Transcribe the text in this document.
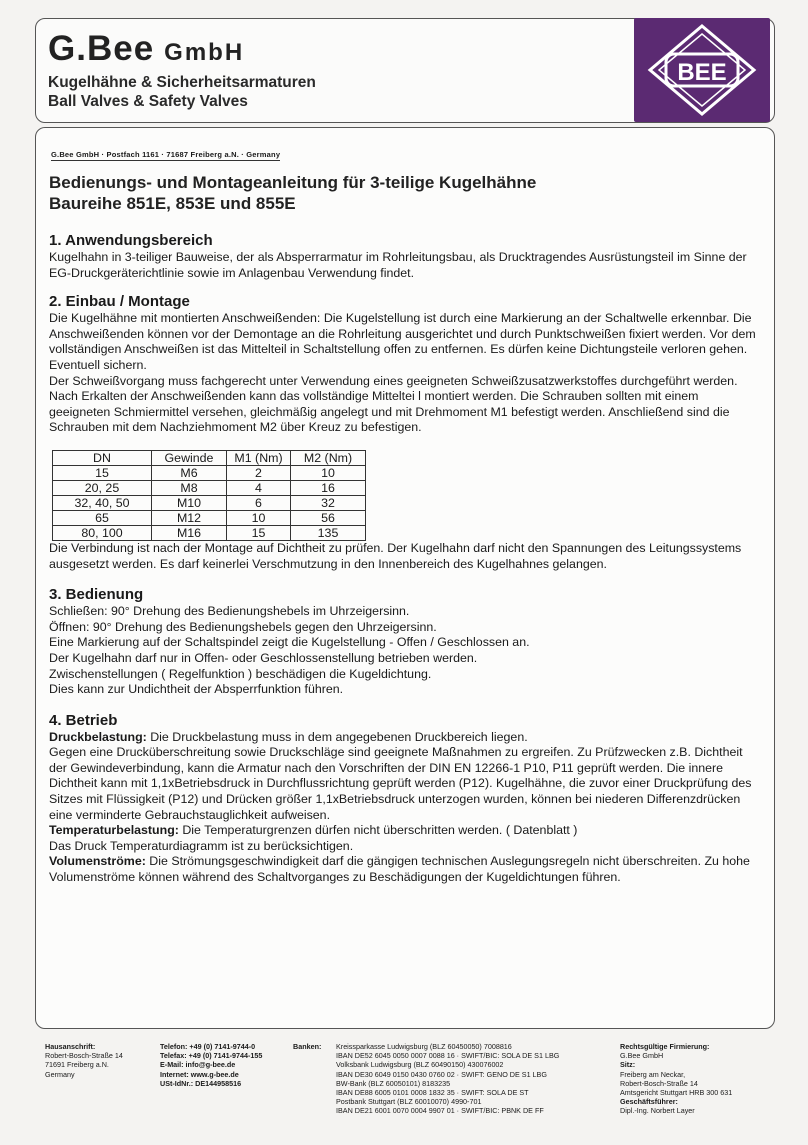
G.Bee GmbH
Kugelhähne & Sicherheitsarmaturen
Ball Valves & Safety Valves
BEE
G.Bee GmbH · Postfach 1161 · 71687 Freiberg a.N. · Germany
Bedienungs- und Montageanleitung für 3-teilige Kugelhähne
Baureihe 851E, 853E und 855E
1. Anwendungsbereich

Kugelhahn in 3-teiliger Bauweise, der als Absperrarmatur im Rohrleitungsbau, als Drucktragendes Ausrüstungsteil im Sinne der EG-Druckgeräterichtlinie sowie im Anlagenbau Verwendung findet.

2. Einbau / Montage

Die Kugelhähne mit montierten Anschweißenden: Die Kugelstellung ist durch eine Markierung an der Schaltwelle erkennbar. Die Anschweißenden können vor der Demontage an die Rohrleitung ausgerichtet und durch Punktschweißen fixiert werden. Vor dem vollständigen Anschweißen ist das Mittelteil in Schaltstellung offen zu entfernen. Es dürfen keine Dichtungsteile verloren gehen. Eventuell sichern.

Der Schweißvorgang muss fachgerecht unter Verwendung eines geeigneten Schweißzusatzwerkstoffes durchgeführt werden. Nach Erkalten der Anschweißenden kann das vollständige Mitteltei l montiert werden. Die Schrauben sollten mit einem geeigneten Schmiermittel versehen, gleichmäßig angelegt und mit Drehmoment M1 befestigt werden. Anschließend sind die Schrauben mit dem Nachziehmoment M2 über Kreuz zu befestigen.

DN	Gewinde	M1 (Nm)	M2 (Nm)
15	M6	2	10
20, 25	M8	4	16
32, 40, 50	M10	6	32
65	M12	10	56
80, 100	M16	15	135

Die Verbindung ist nach der Montage auf Dichtheit zu prüfen. Der Kugelhahn darf nicht den Spannungen des Leitungssystems ausgesetzt werden. Es darf keinerlei Verschmutzung in den Innenbereich des Kugelhahnes gelangen.

3. Bedienung

Schließen: 90° Drehung des Bedienungshebels im Uhrzeigersinn.

Öffnen: 90° Drehung des Bedienungshebels gegen den Uhrzeigersinn.

Eine Markierung auf der Schaltspindel zeigt die Kugelstellung - Offen / Geschlossen an.

Der Kugelhahn darf nur in Offen- oder Geschlossenstellung betrieben werden.

Zwischenstellungen ( Regelfunktion ) beschädigen die Kugeldichtung.

Dies kann zur Undichtheit der Absperrfunktion führen.

4. Betrieb

Druckbelastung: Die Druckbelastung muss in dem angegebenen Druckbereich liegen.

Gegen eine Drucküberschreitung sowie Druckschläge sind geeignete Maßnahmen zu ergreifen. Zu Prüfzwecken z.B. Dichtheit der Gewindeverbindung, kann die Armatur nach den Vorschriften der DIN EN 12266-1 P10, P11 geprüft werden. Die innere Dichtheit kann mit 1,1xBetriebsdruck in Durchflussrichtung geprüft werden (P12). Kugelhähne, die zuvor einer Druckprüfung des Sitzes mit Flüssigkeit (P12) und Drücken größer 1,1xBetriebsdruck unterzogen wurden, können bei niederen Differenzdrücken eine verminderte Gebrauchstauglichkeit aufweisen.

Temperaturbelastung: Die Temperaturgrenzen dürfen nicht überschritten werden. ( Datenblatt )

Das Druck Temperaturdiagramm ist zu berücksichtigen.

Volumenströme: Die Strömungsgeschwindigkeit darf die gängigen technischen Auslegungsregeln nicht überschreiten. Zu hohe Volumenströme können während des Schaltvorganges zu Beschädigungen der Kugeldichtungen führen.

Hausanschrift:
Robert-Bosch-Straße 14
71691 Freiberg a.N.
Germany
Telefon: +49 (0) 7141-9744-0
Telefax: +49 (0) 7141-9744-155
E-Mail: info@g-bee.de
Internet: www.g-bee.de
USt-IdNr.: DE144958516
Banken:	Kreissparkasse Ludwigsburg (BLZ 60450050) 7008816
IBAN DE52 6045 0050 0007 0088 16 · SWIFT/BIC: SOLA DE S1 LBG
Volksbank Ludwigsburg (BLZ 60490150) 430076002
IBAN DE30 6049 0150 0430 0760 02 · SWIFT: GENO DE S1 LBG
BW-Bank (BLZ 60050101) 8183235
IBAN DE88 6005 0101 0008 1832 35 · SWIFT: SOLA DE ST
Postbank Stuttgart (BLZ 60010070) 4990-701
IBAN DE21 6001 0070 0004 9907 01 · SWIFT/BIC: PBNK DE FF
Rechtsgültige Firmierung:
G.Bee GmbH
Sitz:
Freiberg am Neckar,
Robert-Bosch-Straße 14
Amtsgericht Stuttgart HRB 300 631
Geschäftsführer:
Dipl.-Ing. Norbert Layer
